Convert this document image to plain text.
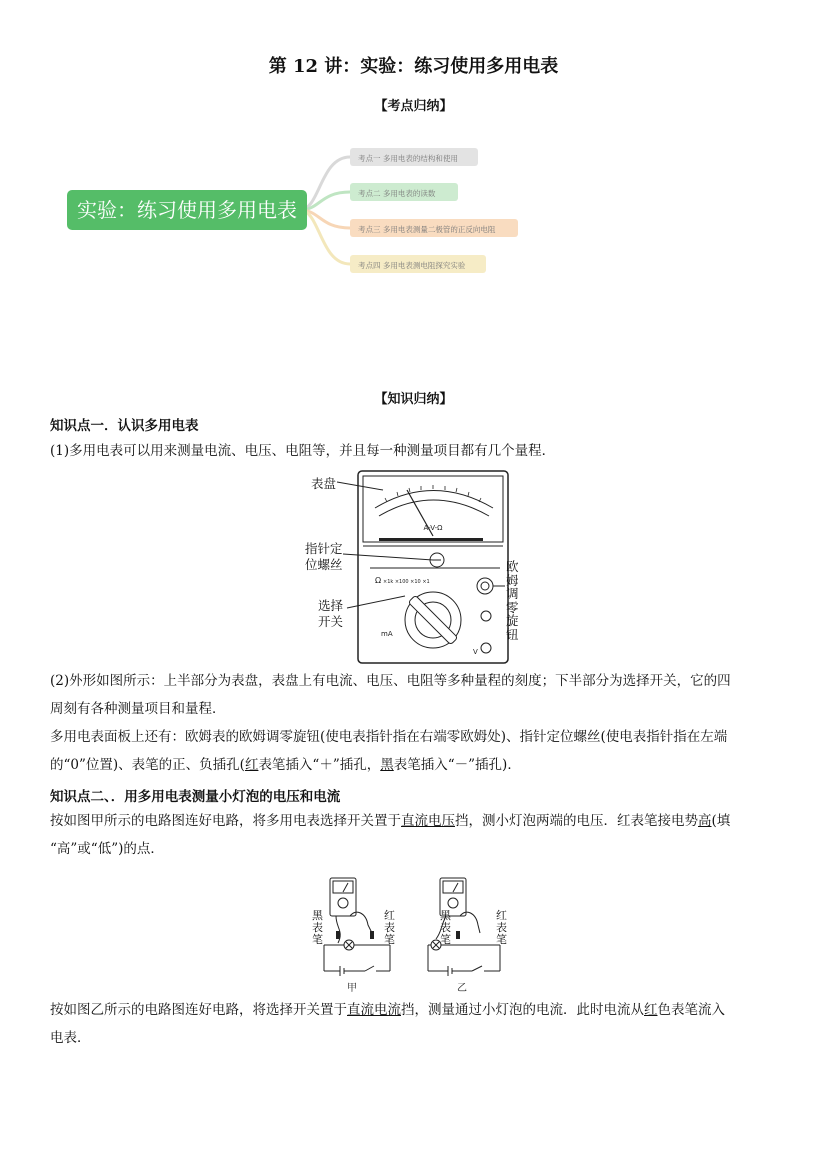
第 12 讲：实验：练习使用多用电表
【考点归纳】
实验：练习使用多用电表
考点一 多用电表的结构和使用
考点二 多用电表的读数
考点三 多用电表测量二极管的正反向电阻
考点四 多用电表测电阻探究实验
【知识归纳】
知识点一．认识多用电表
(1)多用电表可以用来测量电流、电压、电阻等，并且每一种测量项目都有几个量程．
A-V-Ω
Ω ×1k ×100 ×10 ×1
mA
V
表盘
指针定
位螺丝
选择
开关
欧
姆
调
零
旋
钮
(2)外形如图所示：上半部分为表盘，表盘上有电流、电压、电阻等多种量程的刻度；下半部分为选择开关，它的四
周刻有各种测量项目和量程．
多用电表面板上还有：欧姆表的欧姆调零旋钮(使电表指针指在右端零欧姆处)、指针定位螺丝(使电表指针指在左端
的“0”位置)、表笔的正、负插孔(红表笔插入“＋”插孔，黑表笔插入“－”插孔)．
知识点二、．用多用电表测量小灯泡的电压和电流
按如图甲所示的电路图连好电路，将多用电表选择开关置于直流电压挡，测小灯泡两端的电压．红表笔接电势高(填
“高”或“低”)的点．
甲	乙
黑
表
笔
红
表
笔
黑
表
笔
红
表
笔
按如图乙所示的电路图连好电路，将选择开关置于直流电流挡，测量通过小灯泡的电流．此时电流从红色表笔流入
电表．
